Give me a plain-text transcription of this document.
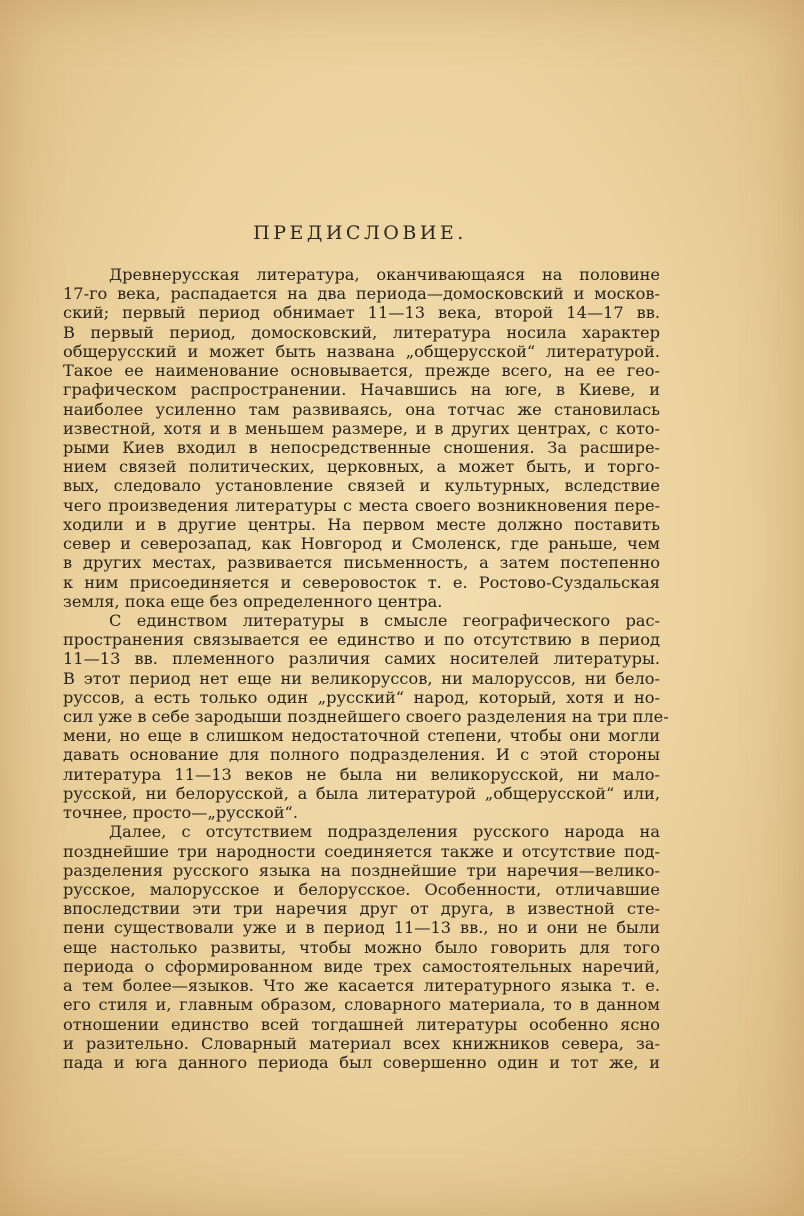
ПРЕДИСЛОВИЕ.
Древнерусская литература, оканчивающаяся на половине
17-го века, распадается на два периода—домосковский и москов-
ский; первый период обнимает 11—13 века, второй 14—17 вв.
В первый период, домосковский, литература носила характер
общерусский и может быть названа „общерусской“ литературой.
Такое ее наименование основывается, прежде всего, на ее гео-
графическом распространении. Начавшись на юге, в Киеве, и
наиболее усиленно там развиваясь, она тотчас же становилась
известной, хотя и в меньшем размере, и в других центрах, с кото-
рыми Киев входил в непосредственные сношения. За расшире-
нием связей политических, церковных, а может быть, и торго-
вых, следовало установление связей и культурных, вследствие
чего произведения литературы с места своего возникновения пере-
ходили и в другие центры. На первом месте должно поставить
север и северозапад, как Новгород и Смоленск, где раньше, чем
в других местах, развивается письменность, а затем постепенно
к ним присоединяется и северовосток т. е. Ростово-Суздальская
земля, пока еще без определенного центра.
С единством литературы в смысле географического рас-
пространения связывается ее единство и по отсутствию в период
11—13 вв. племенного различия самих носителей литературы.
В этот период нет еще ни великоруссов, ни малоруссов, ни бело-
руссов, а есть только один „русский“ народ, который, хотя и но-
сил уже в себе зародыши позднейшего своего разделения на три пле-
мени, но еще в слишком недостаточной степени, чтобы они могли
давать основание для полного подразделения. И с этой стороны
литература 11—13 веков не была ни великорусской, ни мало-
русской, ни белорусской, а была литературой „общерусской“ или,
точнее, просто—„русской“.
Далее, с отсутствием подразделения русского народа на
позднейшие три народности соединяется также и отсутствие под-
разделения русского языка на позднейшие три наречия—велико-
русское, малорусское и белорусское. Особенности, отличавшие
впоследствии эти три наречия друг от друга, в известной сте-
пени существовали уже и в период 11—13 вв., но и они не были
еще настолько развиты, чтобы можно было говорить для того
периода о сформированном виде трех самостоятельных наречий,
а тем более—языков. Что же касается литературного языка т. е.
его стиля и, главным образом, словарного материала, то в данном
отношении единство всей тогдашней литературы особенно ясно
и разительно. Словарный материал всех книжников севера, за-
пада и юга данного периода был совершенно один и тот же, и
